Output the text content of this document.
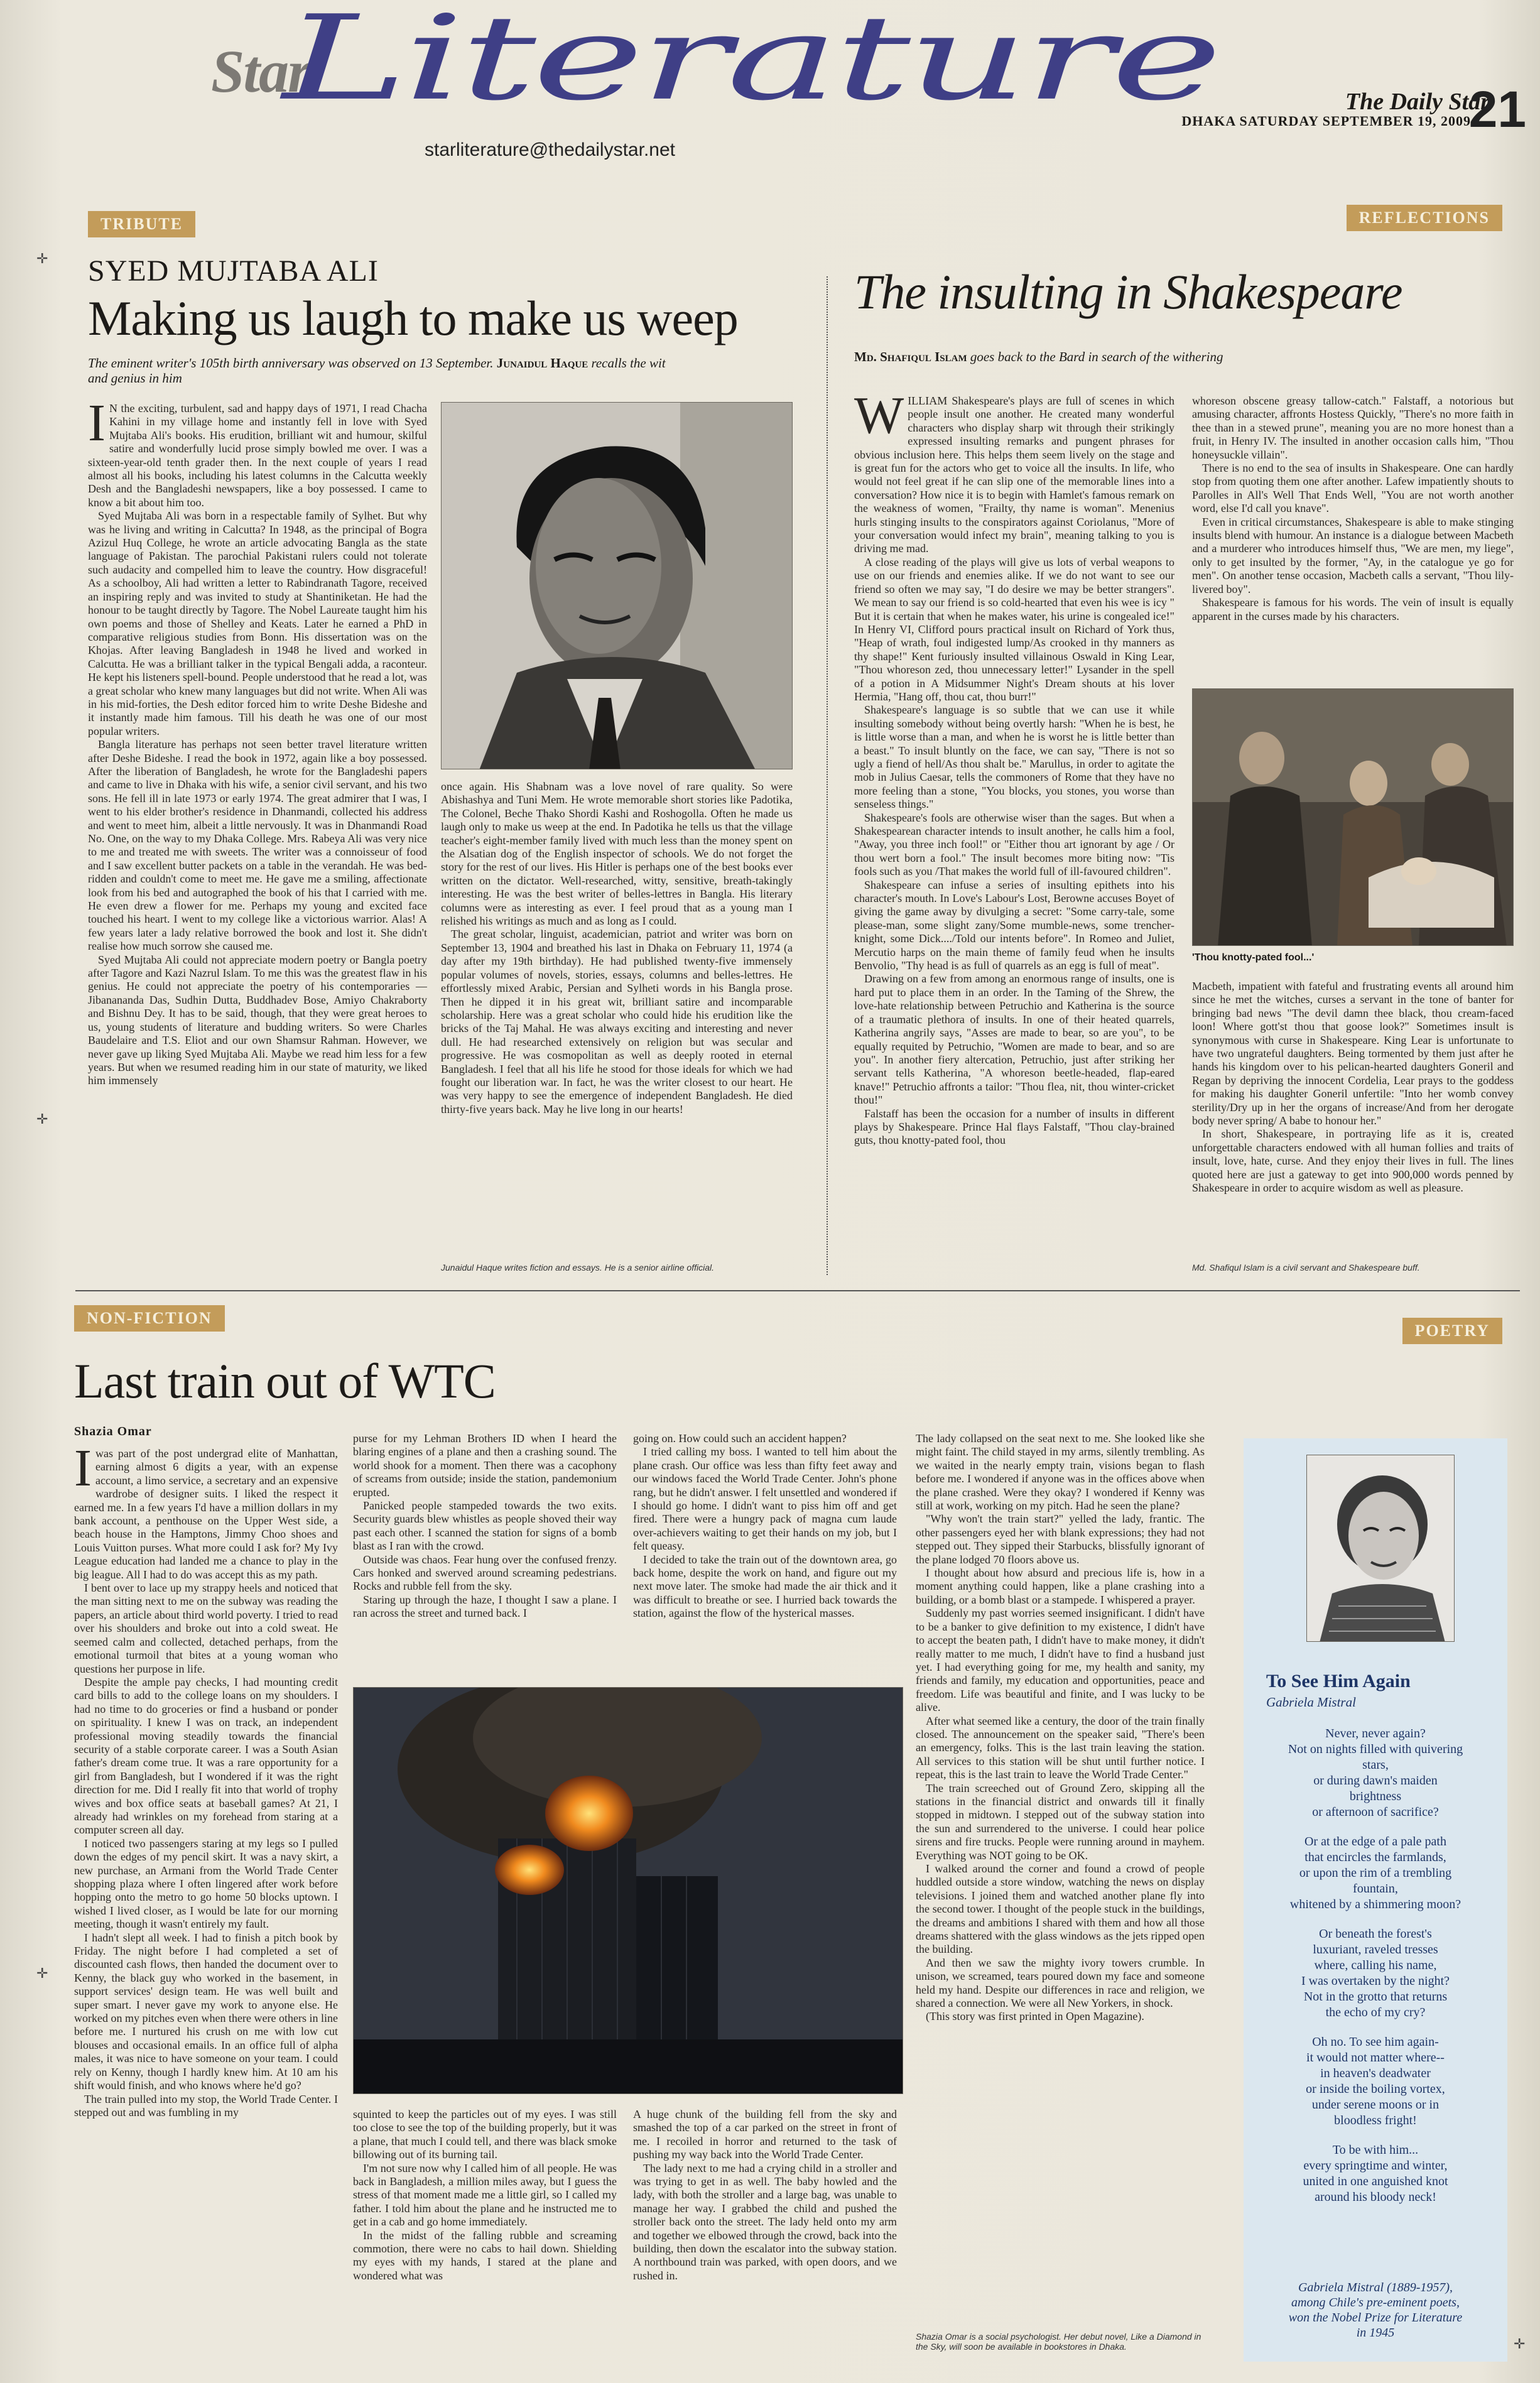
Star
Literature
starliterature@thedailystar.net
The Daily Star
DHAKA SATURDAY SEPTEMBER 19, 2009
21
✛
✛
✛
✛
TRIBUTE
SYED MUJTABA ALI
Making us laugh to make us weep
The eminent writer's 105th birth anniversary was observed on 13 September. Junaidul Haque recalls the wit and genius in him

I N the exciting, turbulent, sad and happy days of 1971, I read Chacha Kahini in my village home and instantly fell in love with Syed Mujtaba Ali's books. His erudition, brilliant wit and humour, skilful satire and wonderfully lucid prose simply bowled me over. I was a sixteen-year-old tenth grader then. In the next couple of years I read almost all his books, including his latest columns in the Calcutta weekly Desh and the Bangladeshi newspapers, like a boy possessed. I came to know a bit about him too.

Syed Mujtaba Ali was born in a respectable family of Sylhet. But why was he living and writing in Calcutta? In 1948, as the principal of Bogra Azizul Huq College, he wrote an article advocating Bangla as the state language of Pakistan. The parochial Pakistani rulers could not tolerate such audacity and compelled him to leave the country. How disgraceful! As a schoolboy, Ali had written a letter to Rabindranath Tagore, received an inspiring reply and was invited to study at Shantiniketan. He had the honour to be taught directly by Tagore. The Nobel Laureate taught him his own poems and those of Shelley and Keats. Later he earned a PhD in comparative religious studies from Bonn. His dissertation was on the Khojas. After leaving Bangladesh in 1948 he lived and worked in Calcutta. He was a brilliant talker in the typical Bengali adda, a raconteur. He kept his listeners spell-bound. People understood that he read a lot, was a great scholar who knew many languages but did not write. When Ali was in his mid-forties, the Desh editor forced him to write Deshe Bideshe and it instantly made him famous. Till his death he was one of our most popular writers.

Bangla literature has perhaps not seen better travel literature written after Deshe Bideshe. I read the book in 1972, again like a boy possessed. After the liberation of Bangladesh, he wrote for the Bangladeshi papers and came to live in Dhaka with his wife, a senior civil servant, and his two sons. He fell ill in late 1973 or early 1974. The great admirer that I was, I went to his elder brother's residence in Dhanmandi, collected his address and went to meet him, albeit a little nervously. It was in Dhanmandi Road No. One, on the way to my Dhaka College. Mrs. Rabeya Ali was very nice to me and treated me with sweets. The writer was a connoisseur of food and I saw excellent butter packets on a table in the verandah. He was bed-ridden and couldn't come to meet me. He gave me a smiling, affectionate look from his bed and autographed the book of his that I carried with me. He even drew a flower for me. Perhaps my young and excited face touched his heart. I went to my college like a victorious warrior. Alas! A few years later a lady relative borrowed the book and lost it. She didn't realise how much sorrow she caused me.

Syed Mujtaba Ali could not appreciate modern poetry or Bangla poetry after Tagore and Kazi Nazrul Islam. To me this was the greatest flaw in his genius. He could not appreciate the poetry of his contemporaries — Jibanananda Das, Sudhin Dutta, Buddhadev Bose, Amiyo Chakraborty and Bishnu Dey. It has to be said, though, that they were great heroes to us, young students of literature and budding writers. So were Charles Baudelaire and T.S. Eliot and our own Shamsur Rahman. However, we never gave up liking Syed Mujtaba Ali. Maybe we read him less for a few years. But when we resumed reading him in our state of maturity, we liked him immensely

once again. His Shabnam was a love novel of rare quality. So were Abishashya and Tuni Mem. He wrote memorable short stories like Padotika, The Colonel, Beche Thako Shordi Kashi and Roshogolla. Often he made us laugh only to make us weep at the end. In Padotika he tells us that the village teacher's eight-member family lived with much less than the money spent on the Alsatian dog of the English inspector of schools. We do not forget the story for the rest of our lives. His Hitler is perhaps one of the best books ever written on the dictator. Well-researched, witty, sensitive, breath-takingly interesting. He was the best writer of belles-lettres in Bangla. His literary columns were as interesting as ever. I feel proud that as a young man I relished his writings as much and as long as I could.

The great scholar, linguist, academician, patriot and writer was born on September 13, 1904 and breathed his last in Dhaka on February 11, 1974 (a day after my 19th birthday). He had published twenty-five immensely popular volumes of novels, stories, essays, columns and belles-lettres. He effortlessly mixed Arabic, Persian and Sylheti words in his Bangla prose. Then he dipped it in his great wit, brilliant satire and incomparable scholarship. Here was a great scholar who could hide his erudition like the bricks of the Taj Mahal. He was always exciting and interesting and never dull. He had researched extensively on religion but was secular and progressive. He was cosmopolitan as well as deeply rooted in eternal Bangladesh. I feel that all his life he stood for those ideals for which we had fought our liberation war. In fact, he was the writer closest to our heart. He was very happy to see the emergence of independent Bangladesh. He died thirty-five years back. May he live long in our hearts!

Junaidul Haque writes fiction and essays. He is a senior airline official.
REFLECTIONS
The insulting in Shakespeare
Md. Shafiqul Islam goes back to the Bard in search of the withering

WILLIAM Shakespeare's plays are full of scenes in which people insult one another. He created many wonderful characters who display sharp wit through their strikingly expressed insulting remarks and pungent phrases for obvious inclusion here. This helps them seem lively on the stage and is great fun for the actors who get to voice all the insults. In life, who would not feel great if he can slip one of the memorable lines into a conversation? How nice it is to begin with Hamlet's famous remark on the weakness of women, "Frailty, thy name is woman". Menenius hurls stinging insults to the conspirators against Coriolanus, "More of your conversation would infect my brain", meaning talking to you is driving me mad.

A close reading of the plays will give us lots of verbal weapons to use on our friends and enemies alike. If we do not want to see our friend so often we may say, "I do desire we may be better strangers". We mean to say our friend is so cold-hearted that even his wee is icy " But it is certain that when he makes water, his urine is congealed ice!" In Henry VI, Clifford pours practical insult on Richard of York thus, "Heap of wrath, foul indigested lump/As crooked in thy manners as thy shape!" Kent furiously insulted villainous Oswald in King Lear, "Thou whoreson zed, thou unnecessary letter!" Lysander in the spell of a potion in A Midsummer Night's Dream shouts at his lover Hermia, "Hang off, thou cat, thou burr!"

Shakespeare's language is so subtle that we can use it while insulting somebody without being overtly harsh: "When he is best, he is little worse than a man, and when he is worst he is little better than a beast." To insult bluntly on the face, we can say, "There is not so ugly a fiend of hell/As thou shalt be." Marullus, in order to agitate the mob in Julius Caesar, tells the commoners of Rome that they have no more feeling than a stone, "You blocks, you stones, you worse than senseless things."

Shakespeare's fools are otherwise wiser than the sages. But when a Shakespearean character intends to insult another, he calls him a fool, "Away, you three inch fool!" or "Either thou art ignorant by age / Or thou wert born a fool." The insult becomes more biting now: "Tis fools such as you /That makes the world full of ill-favoured children".

Shakespeare can infuse a series of insulting epithets into his character's mouth. In Love's Labour's Lost, Berowne accuses Boyet of giving the game away by divulging a secret: "Some carry-tale, some please-man, some slight zany/Some mumble-news, some trencher-knight, some Dick..../Told our intents before". In Romeo and Juliet, Mercutio harps on the main theme of family feud when he insults Benvolio, "Thy head is as full of quarrels as an egg is full of meat".

Drawing on a few from among an enormous range of insults, one is hard put to place them in an order. In the Taming of the Shrew, the love-hate relationship between Petruchio and Katherina is the source of a traumatic plethora of insults. In one of their heated quarrels, Katherina angrily says, "Asses are made to bear, so are you", to be equally requited by Petruchio, "Women are made to bear, and so are you". In another fiery altercation, Petruchio, just after striking her servant tells Katherina, "A whoreson beetle-headed, flap-eared knave!" Petruchio affronts a tailor: "Thou flea, nit, thou winter-cricket thou!"

Falstaff has been the occasion for a number of insults in different plays by Shakespeare. Prince Hal flays Falstaff, "Thou clay-brained guts, thou knotty-pated fool, thou

whoreson obscene greasy tallow-catch." Falstaff, a notorious but amusing character, affronts Hostess Quickly, "There's no more faith in thee than in a stewed prune", meaning you are no more honest than a fruit, in Henry IV. The insulted in another occasion calls him, "Thou honeysuckle villain".

There is no end to the sea of insults in Shakespeare. One can hardly stop from quoting them one after another. Lafew impatiently shouts to Parolles in All's Well That Ends Well, "You are not worth another word, else I'd call you knave".

Even in critical circumstances, Shakespeare is able to make stinging insults blend with humour. An instance is a dialogue between Macbeth and a murderer who introduces himself thus, "We are men, my liege", only to get insulted by the former, "Ay, in the catalogue ye go for men". On another tense occasion, Macbeth calls a servant, "Thou lily-livered boy".

Shakespeare is famous for his words. The vein of insult is equally apparent in the curses made by his characters.

'Thou knotty-pated fool...'

Macbeth, impatient with fateful and frustrating events all around him since he met the witches, curses a servant in the tone of banter for bringing bad news "The devil damn thee black, thou cream-faced loon! Where gott'st thou that goose look?" Sometimes insult is synonymous with curse in Shakespeare. King Lear is unfortunate to have two ungrateful daughters. Being tormented by them just after he hands his kingdom over to his pelican-hearted daughters Goneril and Regan by depriving the innocent Cordelia, Lear prays to the goddess for making his daughter Goneril unfertile: "Into her womb convey sterility/Dry up in her the organs of increase/And from her derogate body never spring/ A babe to honour her."

In short, Shakespeare, in portraying life as it is, created unforgettable characters endowed with all human follies and traits of insult, love, hate, curse. And they enjoy their lives in full. The lines quoted here are just a gateway to get into 900,000 words penned by Shakespeare in order to acquire wisdom as well as pleasure.

Md. Shafiqul Islam is a civil servant and Shakespeare buff.
NON-FICTION
Last train out of WTC
Shazia Omar

I was part of the post undergrad elite of Manhattan, earning almost 6 digits a year, with an expense account, a limo service, a secretary and an expensive wardrobe of designer suits. I liked the respect it earned me. In a few years I'd have a million dollars in my bank account, a penthouse on the Upper West side, a beach house in the Hamptons, Jimmy Choo shoes and Louis Vuitton purses. What more could I ask for? My Ivy League education had landed me a chance to play in the big league. All I had to do was accept this as my path.

I bent over to lace up my strappy heels and noticed that the man sitting next to me on the subway was reading the papers, an article about third world poverty. I tried to read over his shoulders and broke out into a cold sweat. He seemed calm and collected, detached perhaps, from the emotional turmoil that bites at a young woman who questions her purpose in life.

Despite the ample pay checks, I had mounting credit card bills to add to the college loans on my shoulders. I had no time to do groceries or find a husband or ponder on spirituality. I knew I was on track, an independent professional moving steadily towards the financial security of a stable corporate career. I was a South Asian father's dream come true. It was a rare opportunity for a girl from Bangladesh, but I wondered if it was the right direction for me. Did I really fit into that world of trophy wives and box office seats at baseball games? At 21, I already had wrinkles on my forehead from staring at a computer screen all day.

I noticed two passengers staring at my legs so I pulled down the edges of my pencil skirt. It was a navy skirt, a new purchase, an Armani from the World Trade Center shopping plaza where I often lingered after work before hopping onto the metro to go home 50 blocks uptown. I wished I lived closer, as I would be late for our morning meeting, though it wasn't entirely my fault.

I hadn't slept all week. I had to finish a pitch book by Friday. The night before I had completed a set of discounted cash flows, then handed the document over to Kenny, the black guy who worked in the basement, in support services' design team. He was well built and super smart. I never gave my work to anyone else. He worked on my pitches even when there were others in line before me. I nurtured his crush on me with low cut blouses and occasional emails. In an office full of alpha males, it was nice to have someone on your team. I could rely on Kenny, though I hardly knew him. At 10 am his shift would finish, and who knows where he'd go?

The train pulled into my stop, the World Trade Center. I stepped out and was fumbling in my

purse for my Lehman Brothers ID when I heard the blaring engines of a plane and then a crashing sound. The world shook for a moment. Then there was a cacophony of screams from outside; inside the station, pandemonium erupted.

Panicked people stampeded towards the two exits. Security guards blew whistles as people shoved their way past each other. I scanned the station for signs of a bomb blast as I ran with the crowd.

Outside was chaos. Fear hung over the confused frenzy. Cars honked and swerved around screaming pedestrians. Rocks and rubble fell from the sky.

Staring up through the haze, I thought I saw a plane. I ran across the street and turned back. I

going on. How could such an accident happen?

I tried calling my boss. I wanted to tell him about the plane crash. Our office was less than fifty feet away and our windows faced the World Trade Center. John's phone rang, but he didn't answer. I felt unsettled and wondered if I should go home. I didn't want to piss him off and get fired. There were a hungry pack of magna cum laude over-achievers waiting to get their hands on my job, but I felt queasy.

I decided to take the train out of the downtown area, go back home, despite the work on hand, and figure out my next move later. The smoke had made the air thick and it was difficult to breathe or see. I hurried back towards the station, against the flow of the hysterical masses.

squinted to keep the particles out of my eyes. I was still too close to see the top of the building properly, but it was a plane, that much I could tell, and there was black smoke billowing out of its burning tail.

I'm not sure now why I called him of all people. He was back in Bangladesh, a million miles away, but I guess the stress of that moment made me a little girl, so I called my father. I told him about the plane and he instructed me to get in a cab and go home immediately.

In the midst of the falling rubble and screaming commotion, there were no cabs to hail down. Shielding my eyes with my hands, I stared at the plane and wondered what was

A huge chunk of the building fell from the sky and smashed the top of a car parked on the street in front of me. I recoiled in horror and returned to the task of pushing my way back into the World Trade Center.

The lady next to me had a crying child in a stroller and was trying to get in as well. The baby howled and the lady, with both the stroller and a large bag, was unable to manage her way. I grabbed the child and pushed the stroller back onto the street. The lady held onto my arm and together we elbowed through the crowd, back into the building, then down the escalator into the subway station. A northbound train was parked, with open doors, and we rushed in.

The lady collapsed on the seat next to me. She looked like she might faint. The child stayed in my arms, silently trembling. As we waited in the nearly empty train, visions began to flash before me. I wondered if anyone was in the offices above when the plane crashed. Were they okay? I wondered if Kenny was still at work, working on my pitch. Had he seen the plane?

"Why won't the train start?" yelled the lady, frantic. The other passengers eyed her with blank expressions; they had not stepped out. They sipped their Starbucks, blissfully ignorant of the plane lodged 70 floors above us.

I thought about how absurd and precious life is, how in a moment anything could happen, like a plane crashing into a building, or a bomb blast or a stampede. I whispered a prayer.

Suddenly my past worries seemed insignificant. I didn't have to be a banker to give definition to my existence, I didn't have to accept the beaten path, I didn't have to make money, it didn't really matter to me much, I didn't have to find a husband just yet. I had everything going for me, my health and sanity, my friends and family, my education and opportunities, peace and freedom. Life was beautiful and finite, and I was lucky to be alive.

After what seemed like a century, the door of the train finally closed. The announcement on the speaker said, "There's been an emergency, folks. This is the last train leaving the station. All services to this station will be shut until further notice. I repeat, this is the last train to leave the World Trade Center."

The train screeched out of Ground Zero, skipping all the stations in the financial district and onwards till it finally stopped in midtown. I stepped out of the subway station into the sun and surrendered to the universe. I could hear police sirens and fire trucks. People were running around in mayhem. Everything was NOT going to be OK.

I walked around the corner and found a crowd of people huddled outside a store window, watching the news on display televisions. I joined them and watched another plane fly into the second tower. I thought of the people stuck in the buildings, the dreams and ambitions I shared with them and how all those dreams shattered with the glass windows as the jets ripped open the building.

And then we saw the mighty ivory towers crumble. In unison, we screamed, tears poured down my face and someone held my hand. Despite our differences in race and religion, we shared a connection. We were all New Yorkers, in shock.

(This story was first printed in Open Magazine).

Shazia Omar is a social psychologist. Her debut novel, Like a Diamond in the Sky, will soon be available in bookstores in Dhaka.
POETRY
To See Him Again
Gabriela Mistral
Never, never again?
Not on nights filled with quivering
stars,
or during dawn's maiden
brightness
or afternoon of sacrifice?
Or at the edge of a pale path
that encircles the farmlands,
or upon the rim of a trembling
fountain,
whitened by a shimmering moon?
Or beneath the forest's
luxuriant, raveled tresses
where, calling his name,
I was overtaken by the night?
Not in the grotto that returns
the echo of my cry?
Oh no. To see him again-
it would not matter where--
in heaven's deadwater
or inside the boiling vortex,
under serene moons or in
bloodless fright!
To be with him...
every springtime and winter,
united in one anguished knot
around his bloody neck!
Gabriela Mistral (1889-1957),
among Chile's pre-eminent poets,
won the Nobel Prize for Literature
in 1945
